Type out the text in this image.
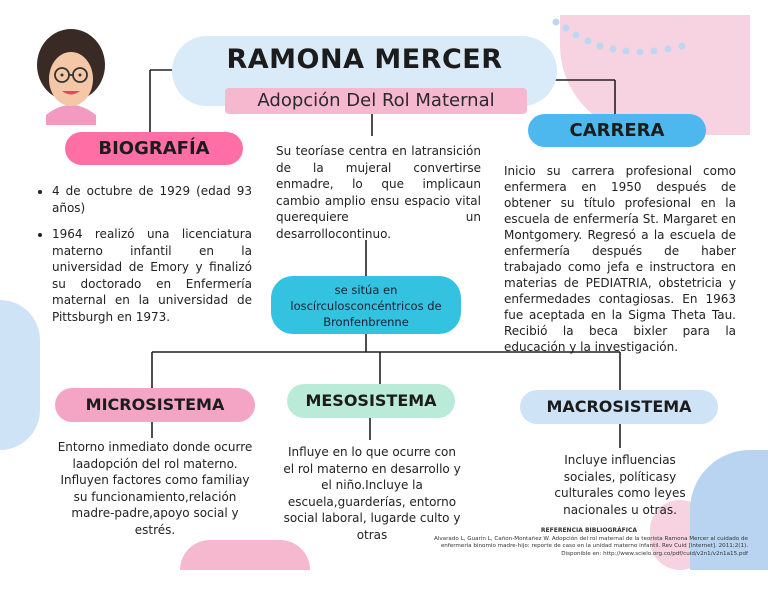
RAMONA MERCER
Adopción Del Rol Maternal
BIOGRAFÍA
• 4 de octubre de 1929 (edad 93 años)
• 1964 realizó una licenciatura materno infantil en la universidad de Emory y finalizó su doctorado en Enfermería maternal en la universidad de Pittsburgh en 1973.
Su teoríase centra en latransición de la mujeral convertirse enmadre, lo que implicaun cambio amplio ensu espacio vital querequiere un desarrollocontinuo.
CARRERA
Inicio su carrera profesional como enfermera en 1950 después de obtener su título profesional en la escuela de enfermería St. Margaret en Montgomery. Regresó a la escuela de enfermería después de haber trabajado como jefa e instructora en materias de PEDIATRIA, obstetricia y enfermedades contagiosas. En 1963 fue aceptada en la Sigma Theta Tau. Recibió la beca bixler para la educación y la investigación.
se sitúa en loscírculosconcéntricos de Bronfenbrenne
MICROSISTEMA
Entorno inmediato donde ocurre laadopción del rol materno. Influyen factores como familiay su funcionamiento,relación madre-padre,apoyo social y estrés.
MESOSISTEMA
Influye en lo que ocurre con el rol materno en desarrollo y el niño.Incluye la escuela,guarderías, entorno social laboral, lugarde culto y otras
MACROSISTEMA
Incluye influencias sociales, políticasy culturales como leyes nacionales u otras.
REFERENCIA BIBLIOGRÁFICA
Alvarado L, Guarín L, Cañon-Montañez W. Adopción del rol maternal de la teorista Ramona Mercer al cuidado de enfermería binomio madre-hijo: reporte de caso en la unidad materno infantil. Rev Cuid [Internet]. 2011;2(1). Disponible en: http://www.scielo.org.co/pdf/cuid/v2n1/v2n1a15.pdf
